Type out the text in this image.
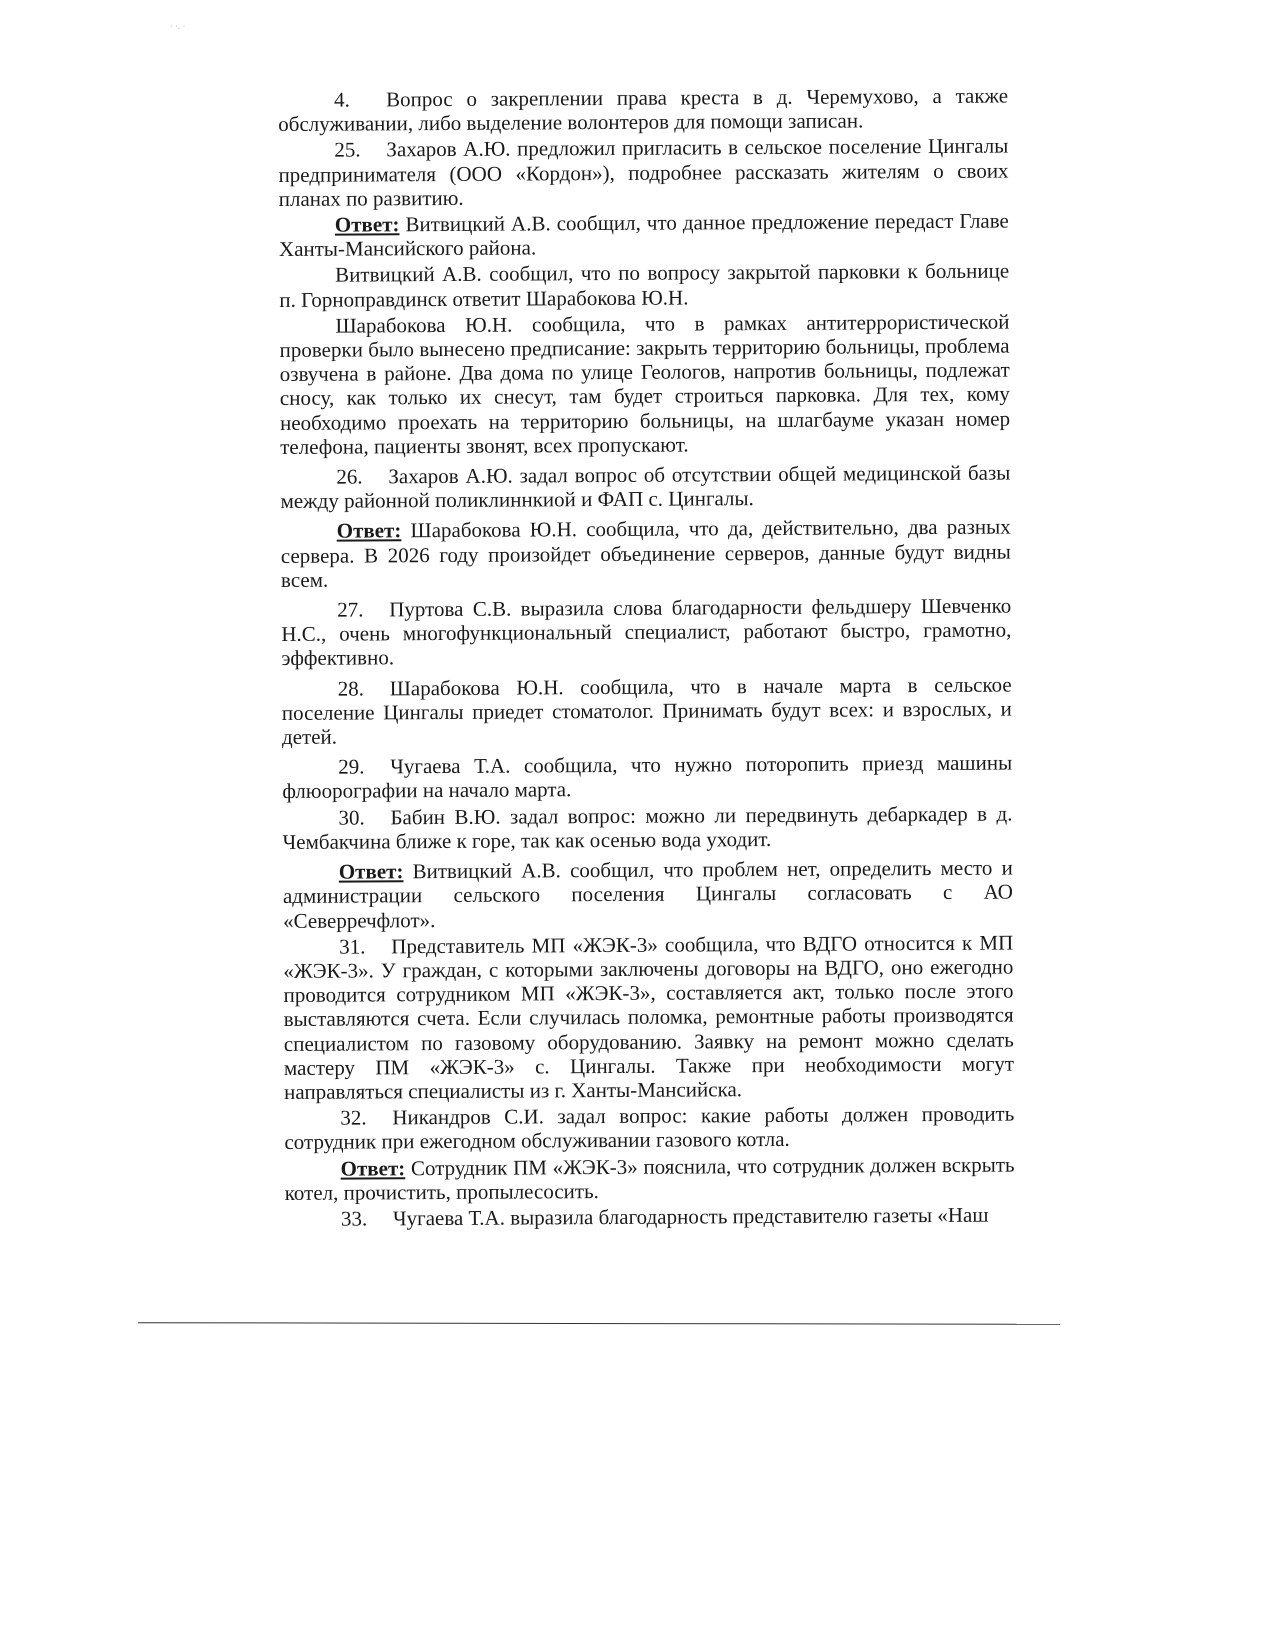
· ·. ·

4. Вопрос о закреплении права креста в д. Черемухово, а также обслуживании, либо выделение волонтеров для помощи записан.

25. Захаров А.Ю. предложил пригласить в сельское поселение Цингалы предпринимателя (ООО «Кордон»), подробнее рассказать жителям о своих планах по развитию.

Ответ: Витвицкий А.В. сообщил, что данное предложение передаст Главе Ханты-Мансийского района.

Витвицкий А.В. сообщил, что по вопросу закрытой парковки к больнице п. Горноправдинск ответит Шарабокова Ю.Н.

Шарабокова Ю.Н. сообщила, что в рамках антитеррористической проверки было вынесено предписание: закрыть территорию больницы, проблема озвучена в районе. Два дома по улице Геологов, напротив больницы, подлежат сносу, как только их снесут, там будет строиться парковка. Для тех, кому необходимо проехать на территорию больницы, на шлагбауме указан номер телефона, пациенты звонят, всех пропускают.

26. Захаров А.Ю. задал вопрос об отсутствии общей медицинской базы между районной поликлиннкиой и ФАП с. Цингалы.

Ответ: Шарабокова Ю.Н. сообщила, что да, действительно, два разных сервера. В 2026 году произойдет объединение серверов, данные будут видны всем.

27. Пуртова С.В. выразила слова благодарности фельдшеру Шевченко Н.С., очень многофункциональный специалист, работают быстро, грамотно, эффективно.

28. Шарабокова Ю.Н. сообщила, что в начале марта в сельское поселение Цингалы приедет стоматолог. Принимать будут всех: и взрослых, и детей.

29. Чугаева Т.А. сообщила, что нужно поторопить приезд машины флюорографии на начало марта.

30. Бабин В.Ю. задал вопрос: можно ли передвинуть дебаркадер в д. Чембакчина ближе к горе, так как осенью вода уходит.

Ответ: Витвицкий А.В. сообщил, что проблем нет, определить место и администрации сельского поселения Цингалы согласовать с АО «Северречфлот».

31. Представитель МП «ЖЭК-3» сообщила, что ВДГО относится к МП «ЖЭК-3». У граждан, с которыми заключены договоры на ВДГО, оно ежегодно проводится сотрудником МП «ЖЭК-3», составляется акт, только после этого выставляются счета. Если случилась поломка, ремонтные работы производятся специалистом по газовому оборудованию. Заявку на ремонт можно сделать мастеру ПМ «ЖЭК-3» с. Цингалы. Также при необходимости могут направляться специалисты из г. Ханты-Мансийска.

32. Никандров С.И. задал вопрос: какие работы должен проводить сотрудник при ежегодном обслуживании газового котла.

Ответ: Сотрудник ПМ «ЖЭК-3» пояснила, что сотрудник должен вскрыть котел, прочистить, пропылесосить.

33. Чугаева Т.А. выразила благодарность представителю газеты «Наш
